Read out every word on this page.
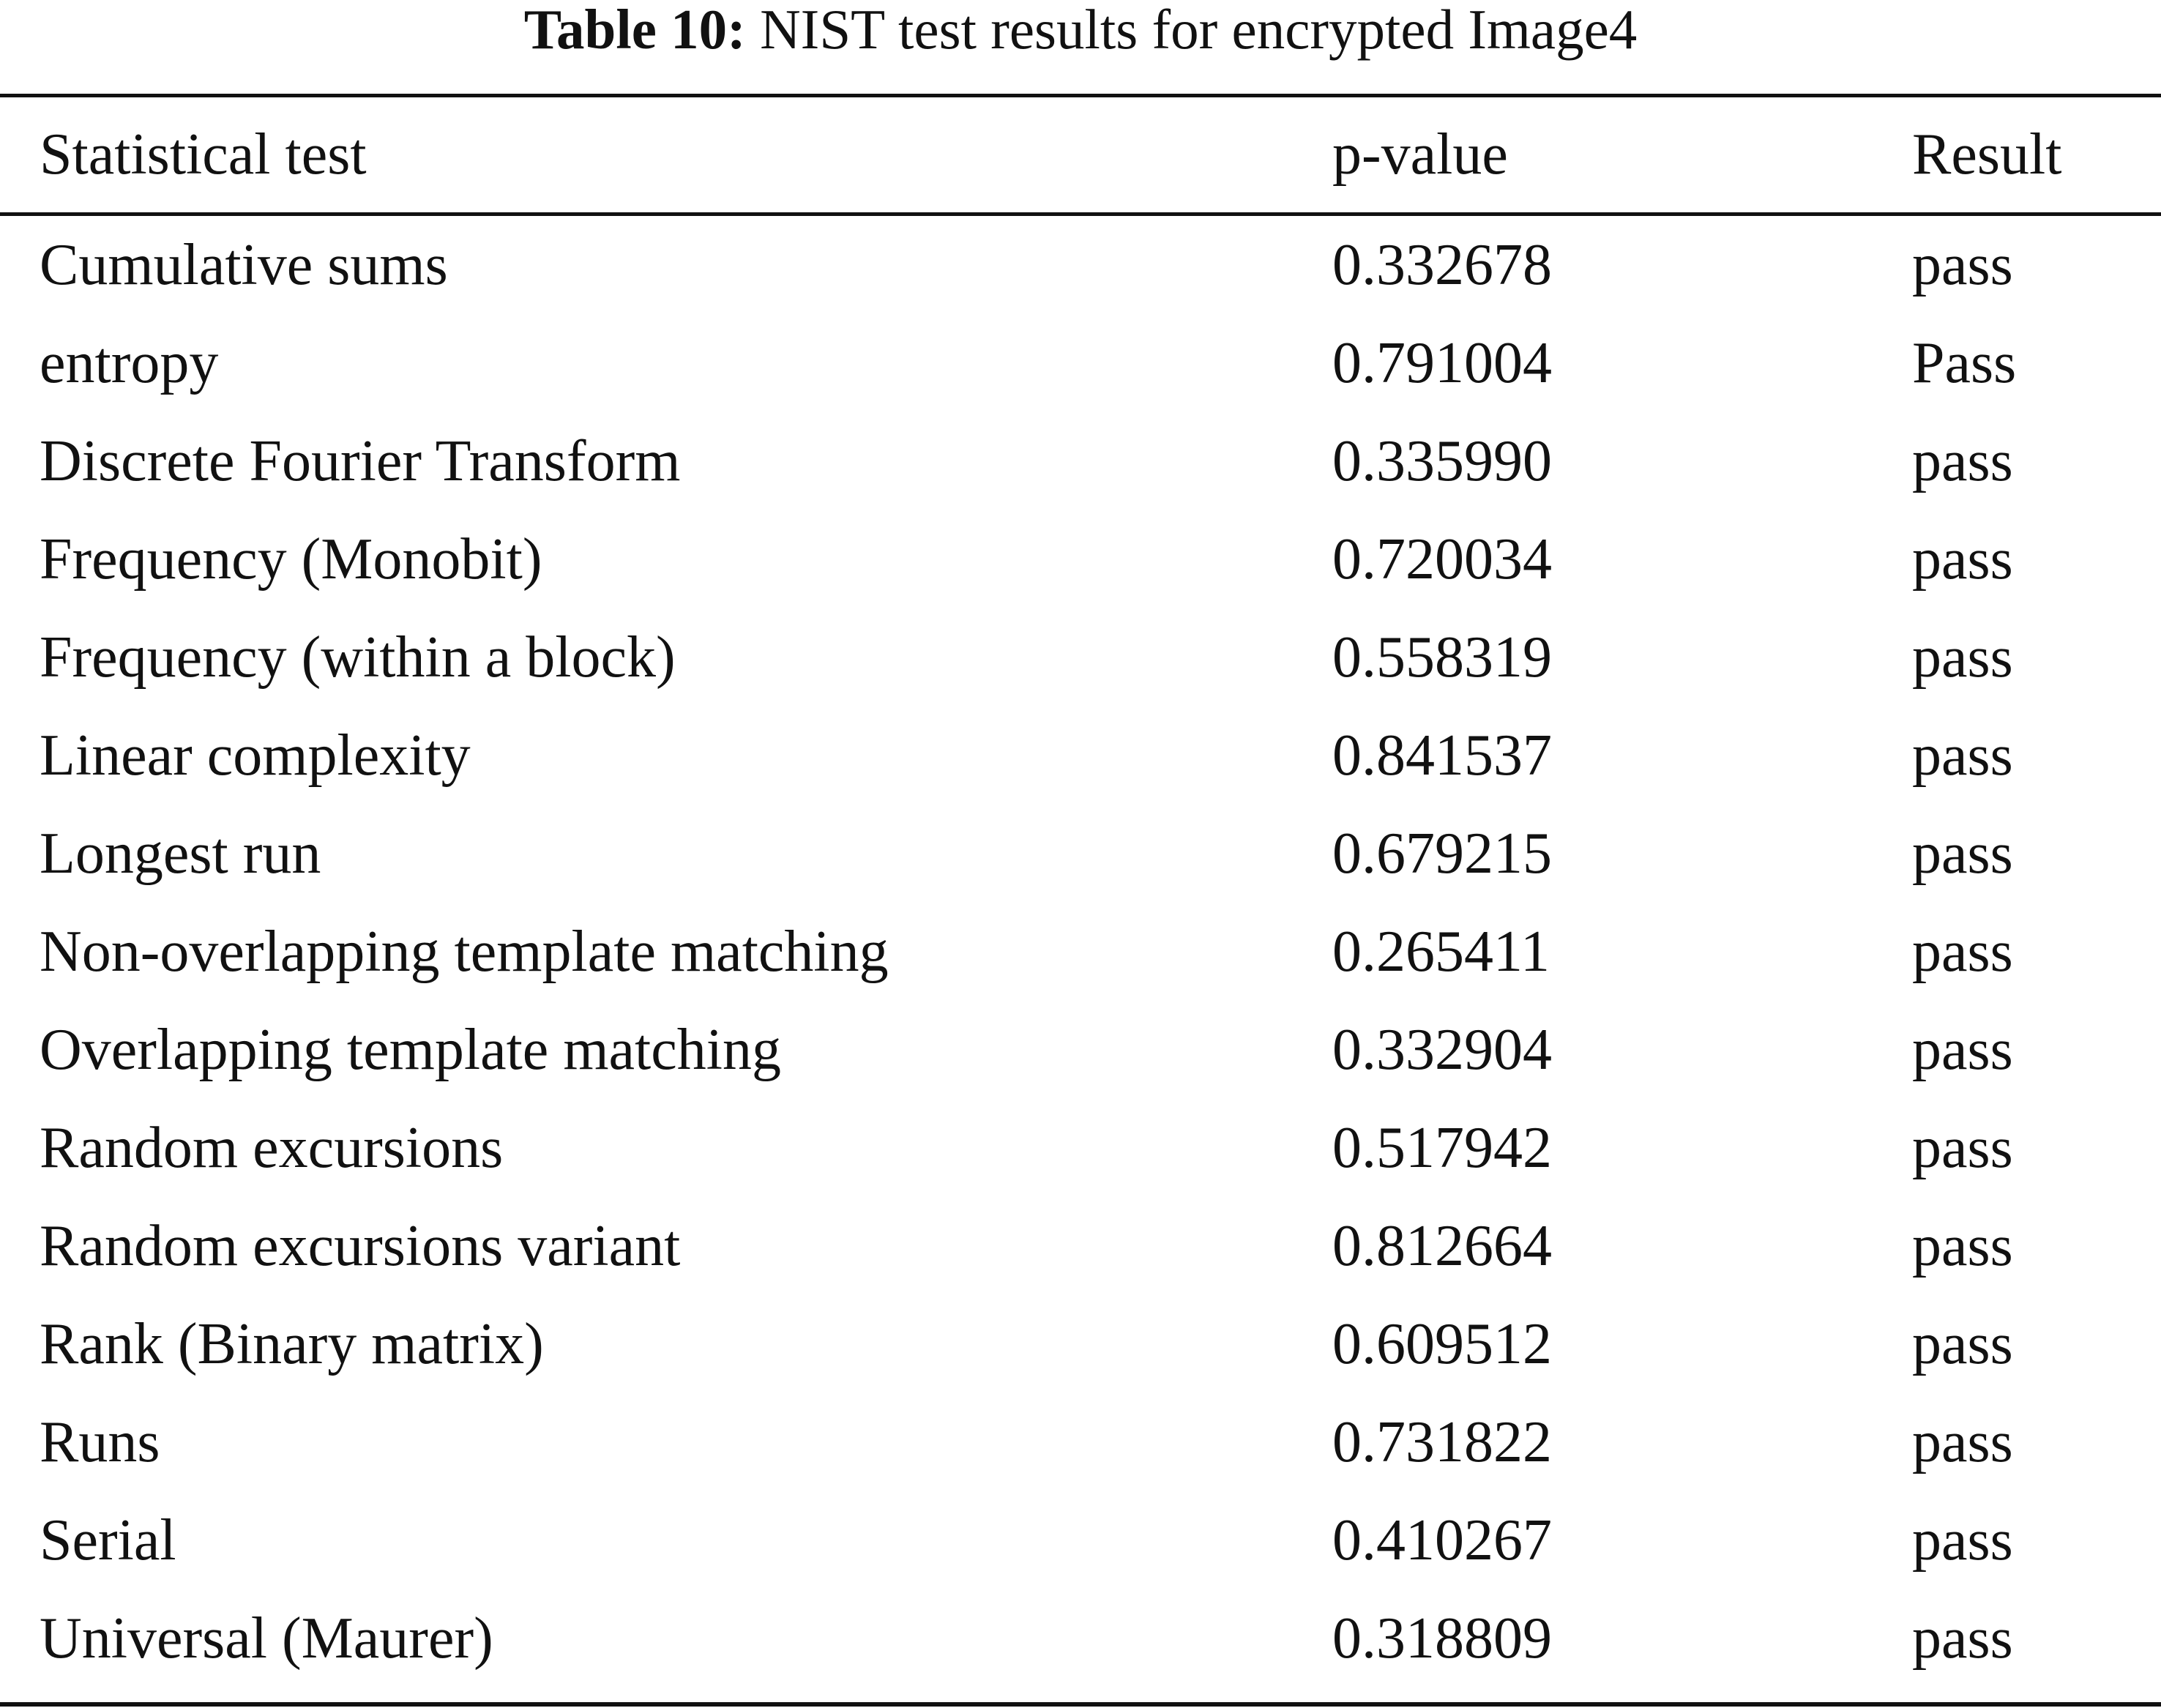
Table 10: NIST test results for encrypted Image4
Statistical test	p-value	Result
Cumulative sums	0.332678	pass
entropy	0.791004	Pass
Discrete Fourier Transform	0.335990	pass
Frequency (Monobit)	0.720034	pass
Frequency (within a block)	0.558319	pass
Linear complexity	0.841537	pass
Longest run	0.679215	pass
Non-overlapping template matching	0.265411	pass
Overlapping template matching	0.332904	pass
Random excursions	0.517942	pass
Random excursions variant	0.812664	pass
Rank (Binary matrix)	0.609512	pass
Runs	0.731822	pass
Serial	0.410267	pass
Universal (Maurer)	0.318809	pass
